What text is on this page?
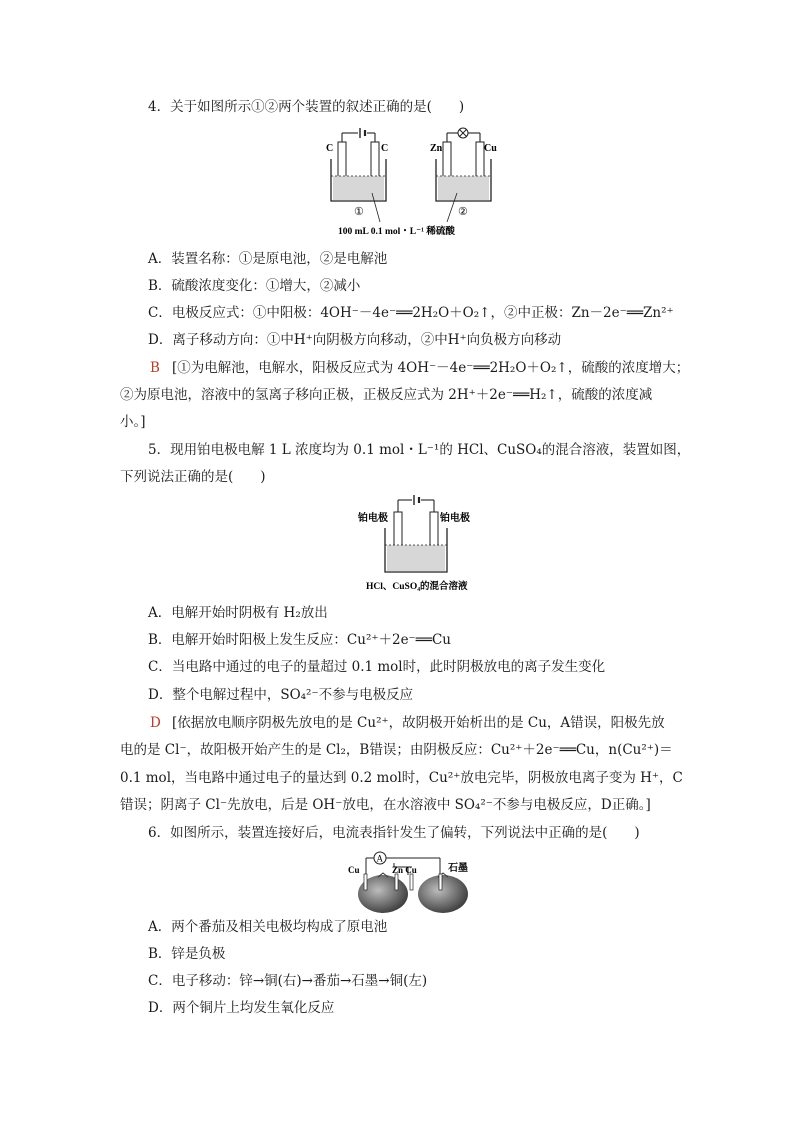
4．关于如图所示①②两个装置的叙述正确的是(　　)
C	C
①
Zn	Cu
②
100 mL 0.1 mol・L⁻¹ 稀硫酸
A．装置名称：①是原电池，②是电解池
B．硫酸浓度变化：①增大，②减小
C．电极反应式：①中阳极：4OH⁻－4e⁻══2H₂O＋O₂↑，②中正极：Zn－2e⁻══Zn²⁺
D．离子移动方向：①中H⁺向阴极方向移动，②中H⁺向负极方向移动
B [①为电解池，电解水，阳极反应式为 4OH⁻－4e⁻══2H₂O＋O₂↑，硫酸的浓度增大；
②为原电池，溶液中的氢离子移向正极，正极反应式为 2H⁺＋2e⁻══H₂↑，硫酸的浓度减
小。]
5．现用铂电极电解 1 L 浓度均为 0.1 mol・L⁻¹的 HCl、CuSO₄的混合溶液，装置如图，
下列说法正确的是(　　)
铂电极	铂电极
HCl、CuSO₄的混合溶液
A．电解开始时阴极有 H₂放出
B．电解开始时阳极上发生反应：Cu²⁺＋2e⁻══Cu
C．当电路中通过的电子的量超过 0.1 mol时，此时阴极放电的离子发生变化
D．整个电解过程中，SO₄²⁻不参与电极反应
D [依据放电顺序阴极先放电的是 Cu²⁺，故阴极开始析出的是 Cu，A错误，阳极先放
电的是 Cl⁻，故阳极开始产生的是 Cl₂，B错误；由阴极反应：Cu²⁺＋2e⁻══Cu，n(Cu²⁺)＝
0.1 mol，当电路中通过电子的量达到 0.2 mol时，Cu²⁺放电完毕，阴极放电离子变为 H⁺，C
错误；阴离子 Cl⁻先放电，后是 OH⁻放电，在水溶液中 SO₄²⁻不参与电极反应，D正确。]
6．如图所示，装置连接好后，电流表指针发生了偏转，下列说法中正确的是(　　)
A
Cu	Zn Cu	石墨
A．两个番茄及相关电极均构成了原电池
B．锌是负极
C．电子移动：锌→铜(右)→番茄→石墨→铜(左)
D．两个铜片上均发生氧化反应
